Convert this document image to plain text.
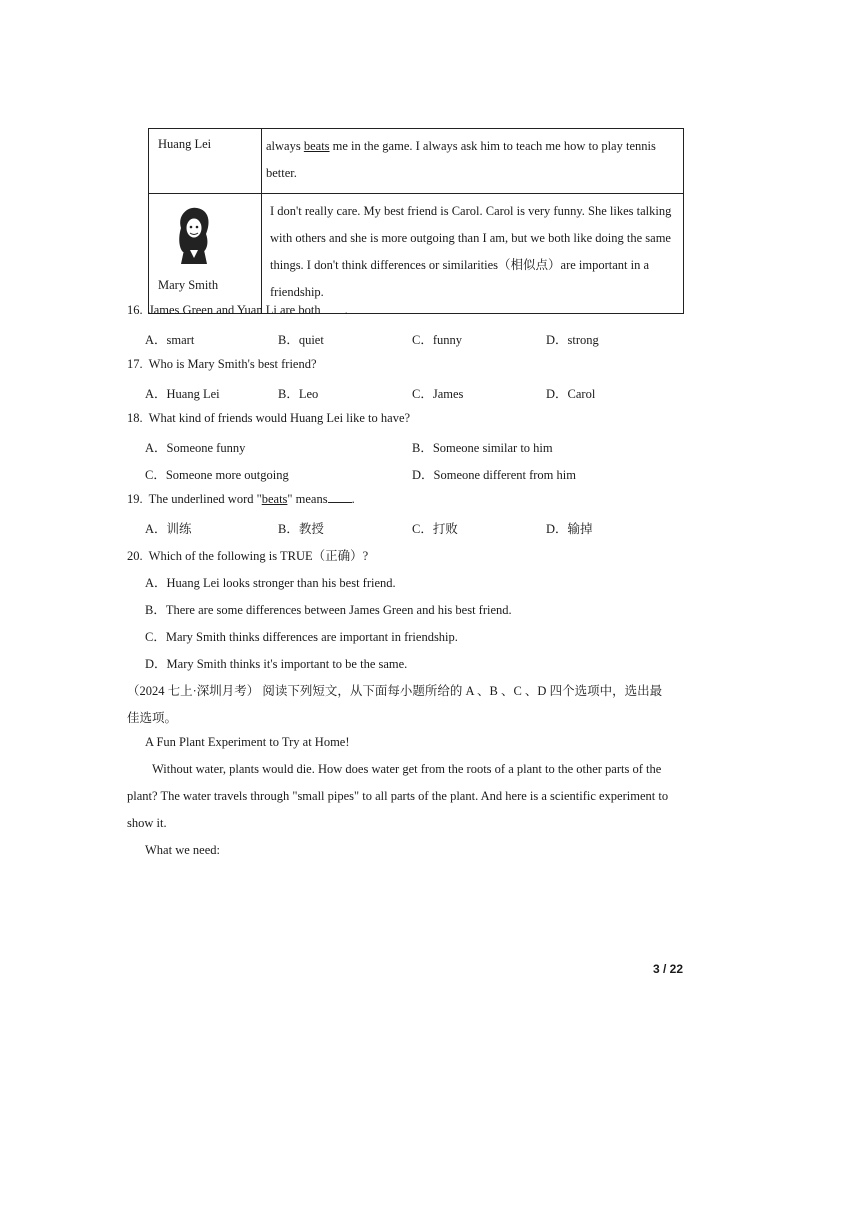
Huang Lei	always beats me in the game. I always ask him to teach me how to play tennis better.

Mary Smith	I don't really care. My best friend is Carol. Carol is very funny. She likes talking with others and she is more outgoing than I am, but we both like doing the same things. I don't think differences or similarities（相似点）are important in a friendship.
16. James Green and Yuan Li are both .
A．smart	B．quiet	C．funny	D．strong
17. Who is Mary Smith's best friend?
A．Huang Lei	B．Leo	C．James	D．Carol
18. What kind of friends would Huang Lei like to have?
A．Someone funny	B．Someone similar to him
C．Someone more outgoing	D．Someone different from him
19. The underlined word "beats" means .
A．训练	B．教授	C．打败	D．输掉
20. Which of the following is TRUE（正确）?
A．Huang Lei looks stronger than his best friend.
B．There are some differences between James Green and his best friend.
C．Mary Smith thinks differences are important in friendship.
D．Mary Smith thinks it's important to be the same.
（2024 七上·深圳月考） 阅读下列短文，从下面每小题所给的 A 、B 、C 、D 四个选项中，选出最
佳选项。
A Fun Plant Experiment to Try at Home!
Without water, plants would die. How does water get from the roots of a plant to the other parts of the
plant? The water travels through "small pipes" to all parts of the plant. And here is a scientific experiment to
show it.
What we need:
3 / 22
